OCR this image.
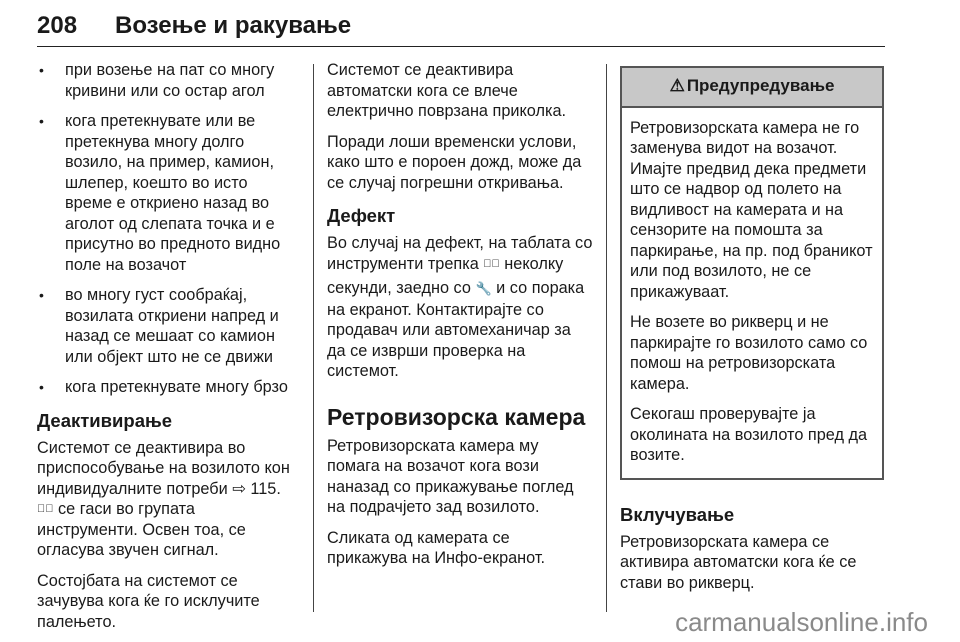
208 Возење и ракување
• при возење на пат со многу кривини или со остар агол
• кога претекнувате или ве претекнува многу долго возило, на пример, камион, шлепер, коешто во исто време е откриено назад во аголот од слепата точка и е присутно во предното видно поле на возачот
• во многу густ сообраќај, возилата откриени напред и назад се мешаат со камион или објект што не се движи
• кога претекнувате многу брзо
Деактивирање

Системот се деактивира во приспособување на возилото кон индивидуалните потреби ⇨ 115. ◞⃞ се гаси во групата инструменти. Освен тоа, се огласува звучен сигнал.

Состојбата на системот се зачувува кога ќе го исклучите палењето.

Системот се деактивира автоматски кога се влече електрично поврзана приколка.

Поради лоши временски услови, како што е пороен дожд, може да се случај погрешни откривања.

Дефект

Во случај на дефект, на таблата со инструменти трепка ◞⃞ неколку

секунди, заедно со 🔧 и со порака на екранот. Контактирајте со продавач или автомеханичар за да се изврши проверка на системот.

Ретровизорска камера

Ретровизорската камера му помага на возачот кога вози наназад со прикажување поглед на подрачјето зад возилото.

Сликата од камерата се прикажува на Инфо-екранот.

⚠ Предупредување

Ретровизорската камера не го заменува видот на возачот. Имајте предвид дека предмети што се надвор од полето на видливост на камерата и на сензорите на помошта за паркирање, на пр. под браникот или под возилото, не се прикажуваат.

Не возете во рикверц и не паркирајте го возилото само со помош на ретровизорската камера.

Секогаш проверувајте ја околината на возилото пред да возите.

Вклучување

Ретровизорската камера се активира автоматски кога ќе се стави во рикверц.

carmanualsonline.info
